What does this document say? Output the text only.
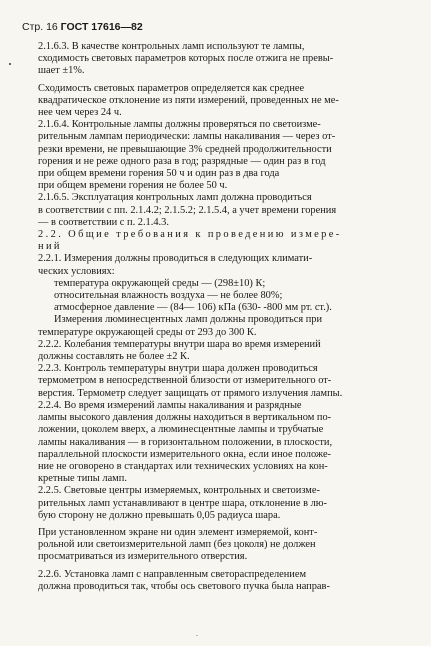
Стр. 16 ГОСТ 17616—82

2.1.6.3. В качестве контрольных ламп используют те лампы,
сходимость световых параметров которых после отжига не превы-
шает ±1%.

Сходимость световых параметров определяется как среднее
квадратическое отклонение из пяти измерений, проведенных не ме-
нее чем через 24 ч.

2.1.6.4. Контрольные лампы должны проверяться по светоизме-
рительным лампам периодически: лампы накаливания — через от-
резки времени, не превышающие 3% средней продолжительности
горения и не реже одного раза в год; разрядные — один раз в год
при общем времени горения 50 ч и один раз в два года
при общем времени горения не более 50 ч.

2.1.6.5. Эксплуатация контрольных ламп должна проводиться
в соответствии с пп. 2.1.4.2; 2.1.5.2; 2.1.5.4, а учет времени горения
— в соответствии с п. 2.1.4.3.

2.2. Общие требования к проведению измере-
ний

2.2.1. Измерения должны проводиться в следующих климати-
ческих условиях:
температура окружающей среды — (298±10) К;
относительная влажность воздуха — не более 80%;
атмосферное давление — (84— 106) кПа (630- -800 мм рт. ст.).
Измерения люминесцентных ламп должны проводиться при
температуре окружающей среды от 293 до 300 К.

2.2.2. Колебания температуры внутри шара во время измерений
должны составлять не более ±2 К.

2.2.3. Контроль температуры внутри шара должен проводиться
термометром в непосредственной близости от измерительного от-
верстия. Термометр следует защищать от прямого излучения лампы.

2.2.4. Во время измерений лампы накаливания и разрядные
лампы высокого давления должны находиться в вертикальном по-
ложении, цоколем вверх, а люминесцентные лампы и трубчатые
лампы накаливания — в горизонтальном положении, в плоскости,
параллельной плоскости измерительного окна, если иное положе-
ние не оговорено в стандартах или технических условиях на кон-
кретные типы ламп.

2.2.5. Световые центры измеряемых, контрольных и светоизме-
рительных ламп устанавливают в центре шара, отклонение в лю-
бую сторону не должно превышать 0,05 радиуса шара.

При установленном экране ни один элемент измеряемой, конт-
рольной или светоизмерительной ламп (без цоколя) не должен
просматриваться из измерительного отверстия.

2.2.6. Установка ламп с направленным светораспределением
должна проводиться так, чтобы ось светового пучка была направ-

ˇ
